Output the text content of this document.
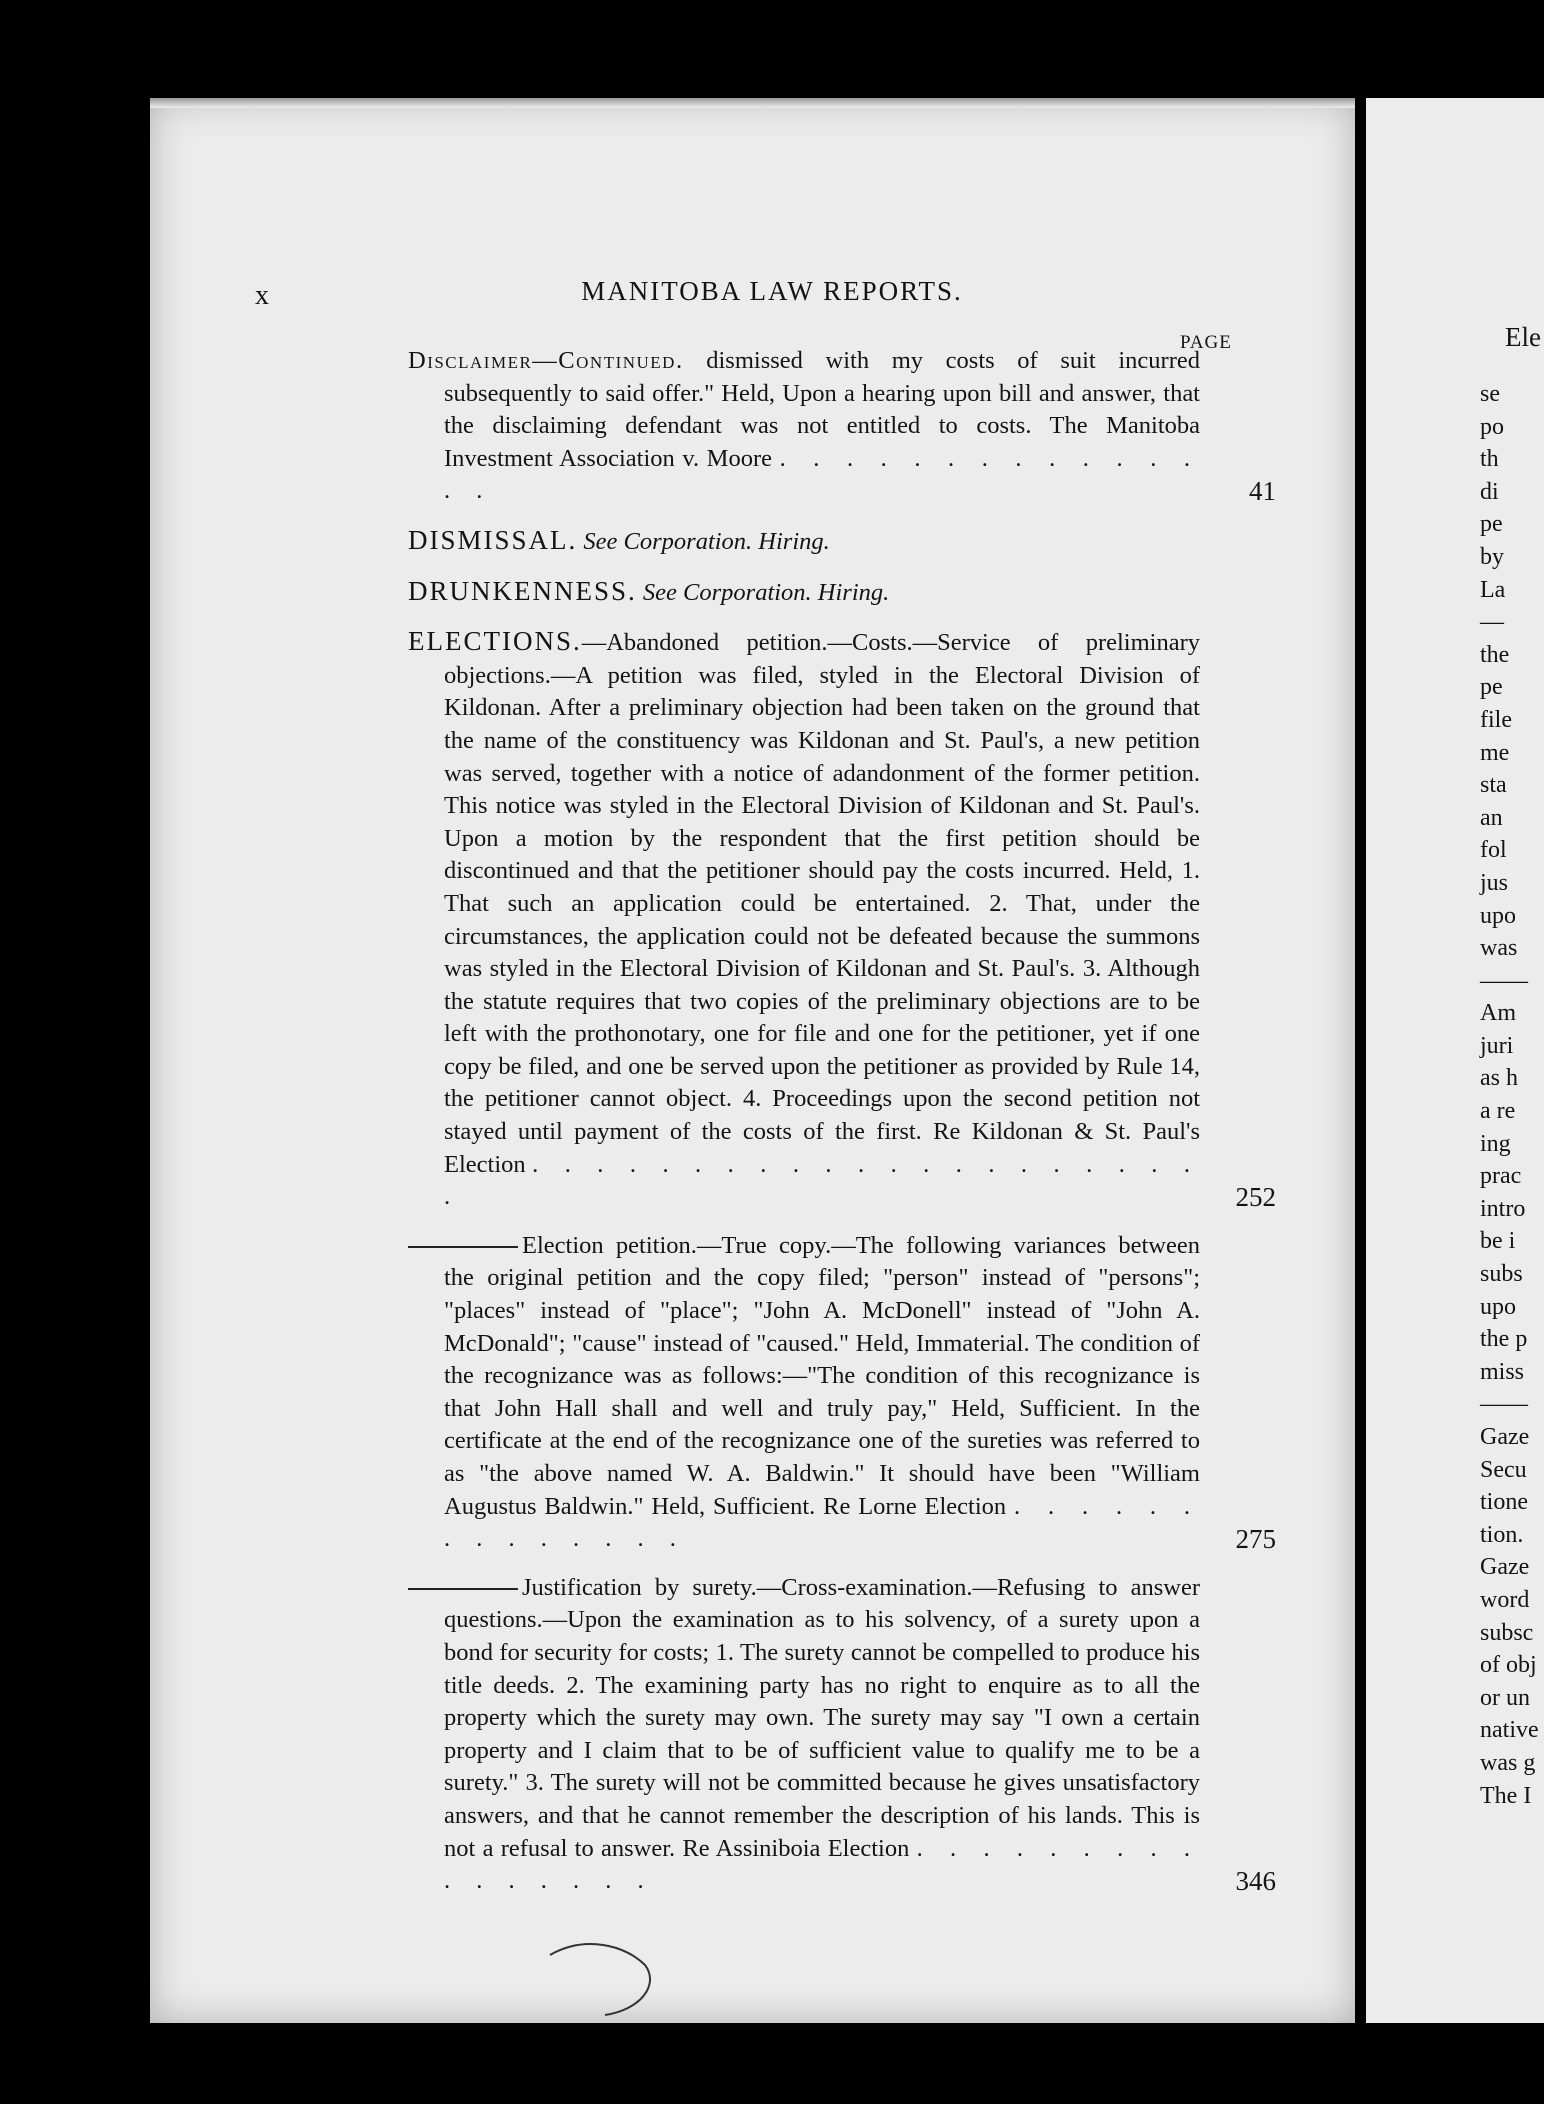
x	MANITOBA LAW REPORTS.
PAGE
Disclaimer—Continued. dismissed with my costs of suit incurred subsequently to said offer." Held, Upon a hearing upon bill and answer, that the disclaiming defendant was not entitled to costs. The Manitoba Investment Association v. Moore . . . . . . . . . . . . . . .	41
DISMISSAL. See Corporation. Hiring.
DRUNKENNESS. See Corporation. Hiring.
ELECTIONS.—Abandoned petition.—Costs.—Service of preliminary objections.—A petition was filed, styled in the Electoral Division of Kildonan. After a preliminary objection had been taken on the ground that the name of the constituency was Kildonan and St. Paul's, a new petition was served, together with a notice of adandonment of the former petition. This notice was styled in the Electoral Division of Kildonan and St. Paul's. Upon a motion by the respondent that the first petition should be discontinued and that the petitioner should pay the costs incurred. Held, 1. That such an application could be entertained. 2. That, under the circumstances, the application could not be defeated because the summons was styled in the Electoral Division of Kildonan and St. Paul's. 3. Although the statute requires that two copies of the preliminary objections are to be left with the prothonotary, one for file and one for the petitioner, yet if one copy be filed, and one be served upon the petitioner as provided by Rule 14, the petitioner cannot object. 4. Proceedings upon the second petition not stayed until payment of the costs of the first. Re Kildonan & St. Paul's Election . . . . . . . . . . . . . . . . . . . . . .	252
Election petition.—True copy.—The following variances between the original petition and the copy filed; "person" instead of "persons"; "places" instead of "place"; "John A. McDonell" instead of "John A. McDonald"; "cause" instead of "caused." Held, Immaterial. The condition of the recognizance was as follows:—"The condition of this recognizance is that John Hall shall and well and truly pay," Held, Sufficient. In the certificate at the end of the recognizance one of the sureties was referred to as "the above named W. A. Baldwin." It should have been "William Augustus Baldwin." Held, Sufficient. Re Lorne Election . . . . . . . . . . . . . .	275
Justification by surety.—Cross-examination.—Refusing to answer questions.—Upon the examination as to his solvency, of a surety upon a bond for security for costs; 1. The surety cannot be compelled to produce his title deeds. 2. The examining party has no right to enquire as to all the property which the surety may own. The surety may say "I own a certain property and I claim that to be of sufficient value to qualify me to be a surety." 3. The surety will not be committed because he gives unsatisfactory answers, and that he cannot remember the description of his lands. This is not a refusal to answer. Re Assiniboia Election . . . . . . . . . . . . . . . .	346
Ele
se
po
th
di
pe
by
La
—
the
pe
file
me
sta
an
fol
jus
upo
was
——
Am
juri
as h
a re
ing
prac
intro
be i
subs
upo
the p
miss
——
Gaze
Secu
tione
tion.
Gaze
word
subsc
of obj
or un
native
was g
The I
